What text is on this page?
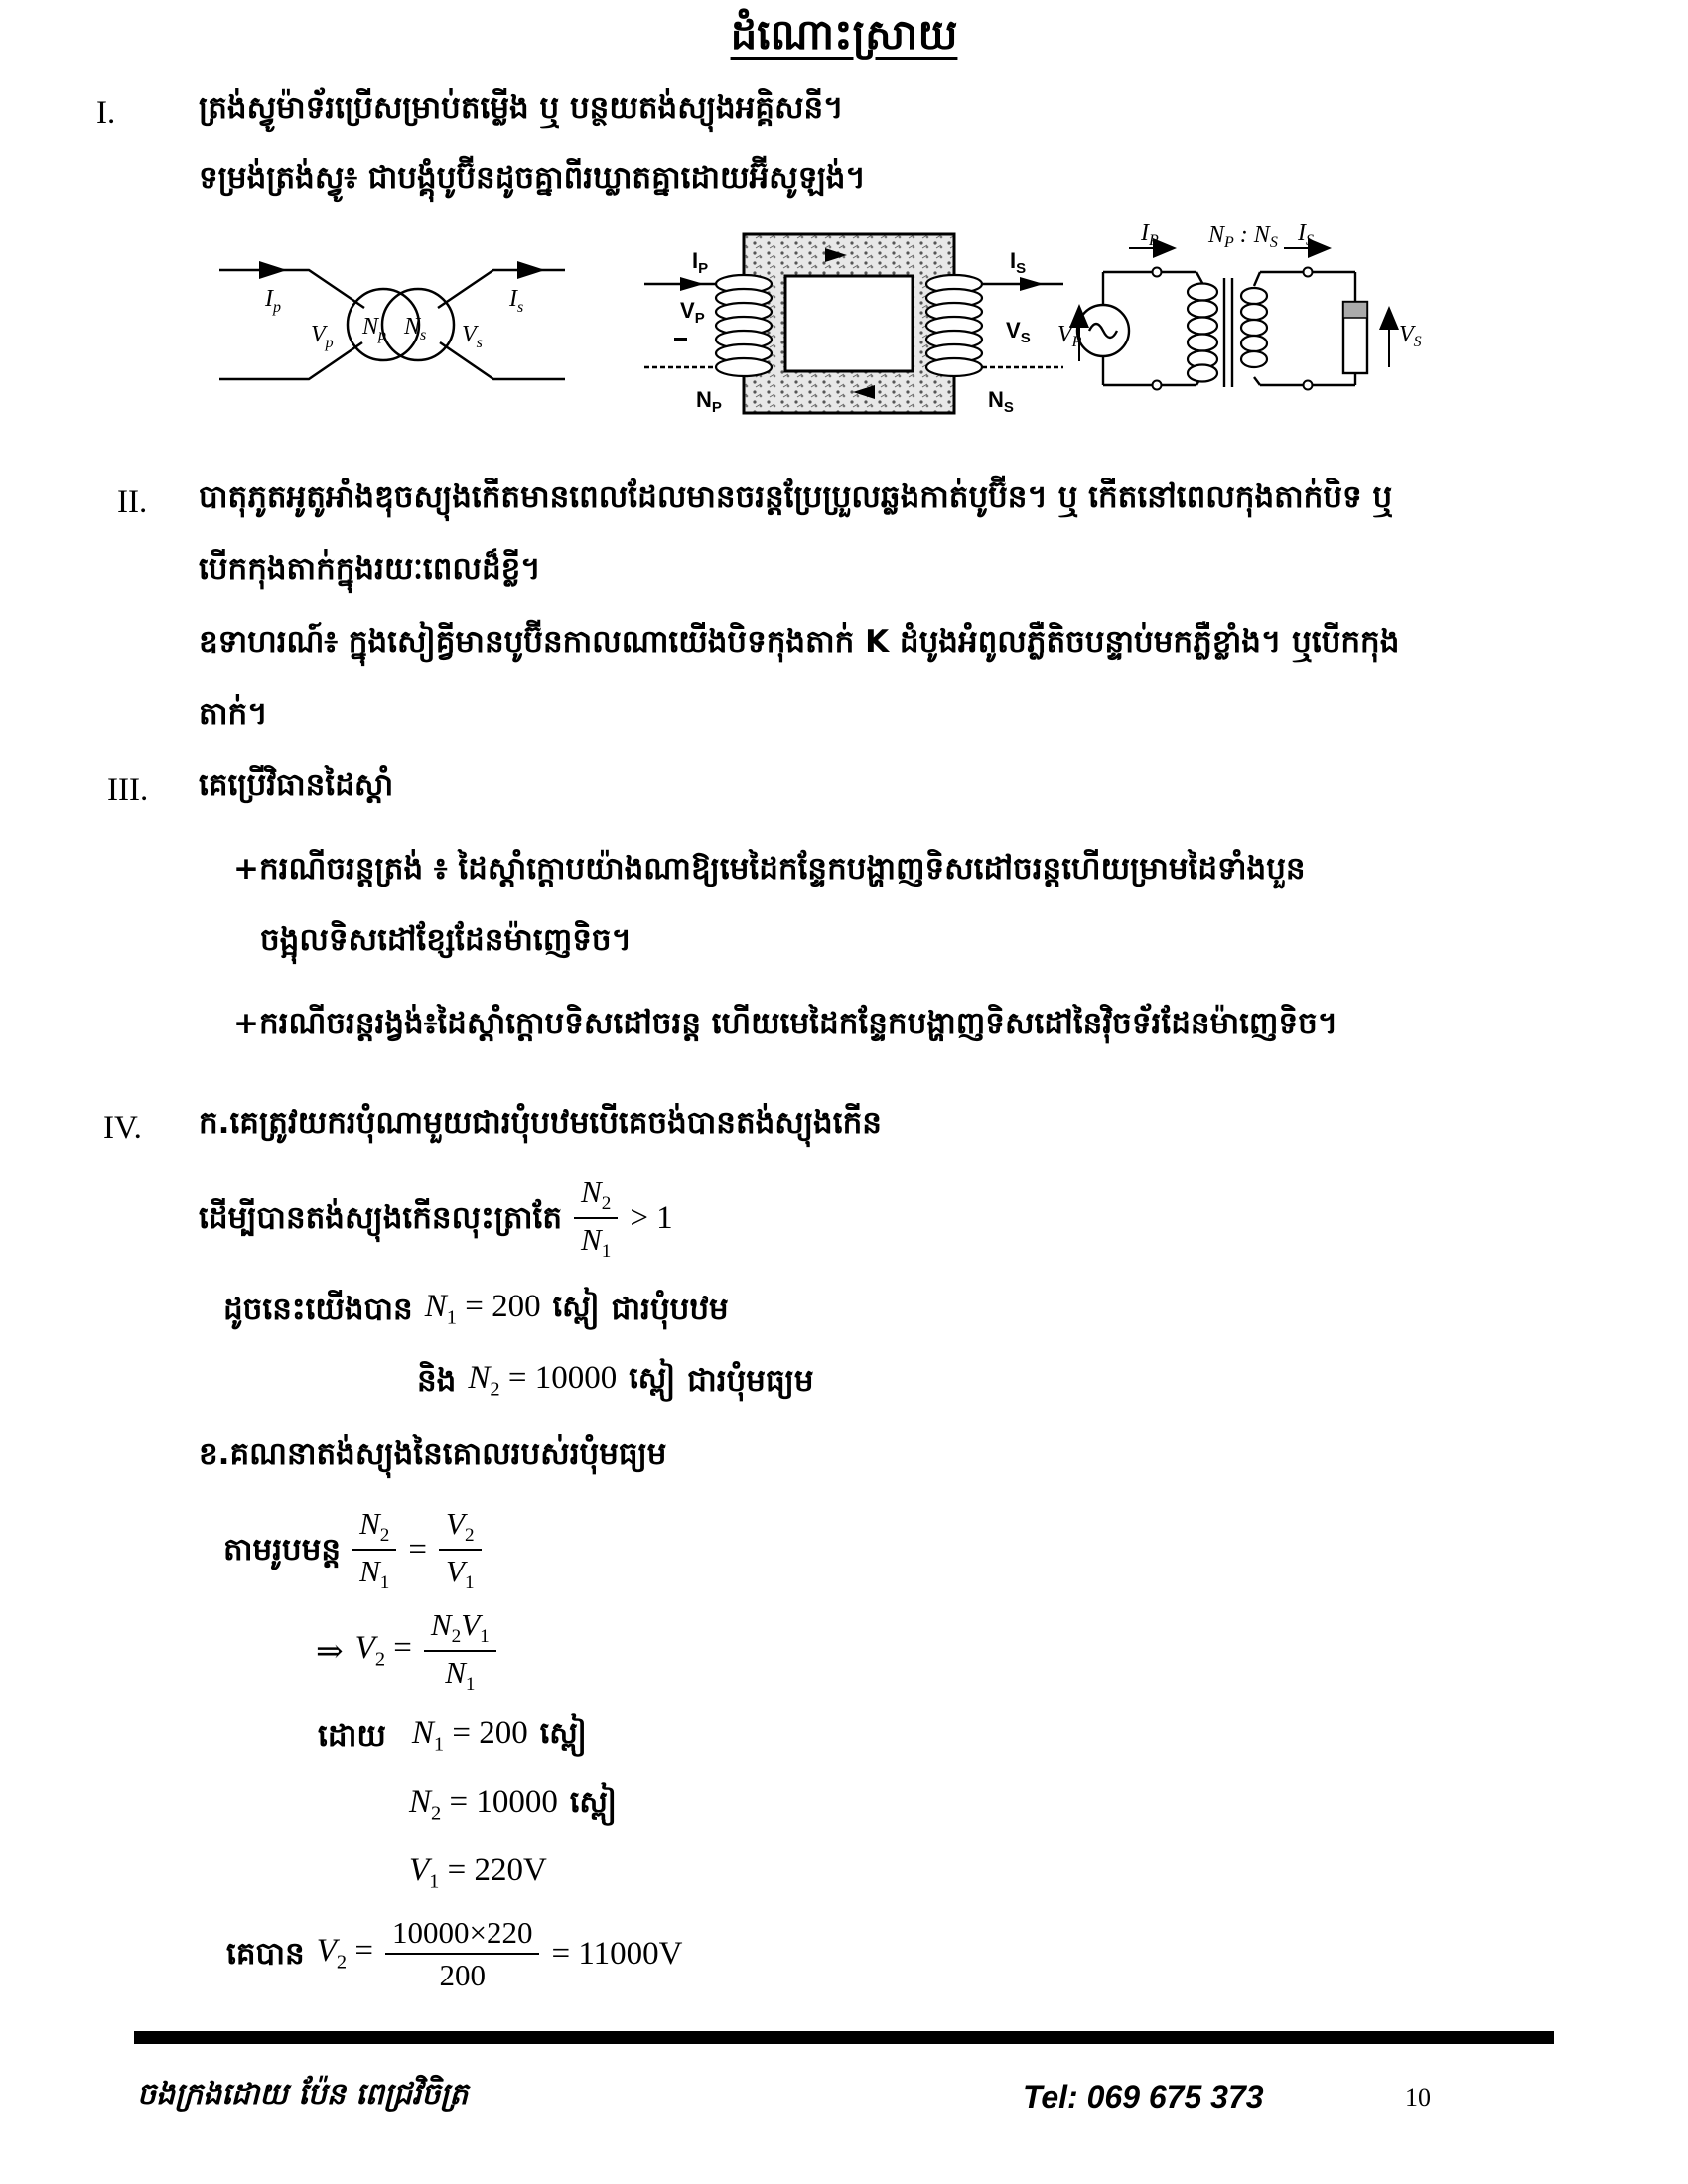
ដំណោះស្រាយ
I.	ត្រង់ស្វូម៉ាទ័រប្រើសម្រាប់តម្លើង ឬ បន្ថយតង់ស្យុងអគ្គិសនី។
ទម្រង់ត្រង់ស្វូ៖ ជាបង្គុំបូប៊ីនដូចគ្នាពីរឃ្លាតគ្នាដោយអ៊ីសូឡង់។
$I_p$
$V_p$
$N_p$ $N_s$ $V_s$
$I_s$
$I_P$
$V_P$
$N_P$
$I_S$
$V_S$
$N_S$
$I_P$ $N_P$ : $N_S$ $I_S$
$V_P$	$V_S$
II. បាតុភូតអូតូអាំងឌុចស្យុងកើតមានពេលដែលមានចរន្តប្រែប្រួលឆ្លងកាត់បូប៊ីន។ ឬ កើតនៅពេលកុងតាក់បិទ ឬ
បើកកុងតាក់ក្នុងរយៈពេលដ៏ខ្លី។
ឧទាហរណ៍៖ ក្នុងសៀគ្វីមានបូប៊ីនកាលណាយើងបិទកុងតាក់ K ដំបូងអំពូលភ្លឺតិចបន្ទាប់មកភ្លឺខ្លាំង។ ឬបើកកុង
តាក់។
III. គេប្រើវិធានដៃស្តាំ
+ករណីចរន្តត្រង់ ៖ ដៃស្តាំក្តោបយ៉ាងណាឱ្យមេដៃកន្ទែកបង្ហាញទិសដៅចរន្តហើយម្រាមដៃទាំងបួន
ចង្អុលទិសដៅខ្សែដែនម៉ាញេទិច។
+ករណីចរន្តរង្វង់៖ដៃស្តាំក្តោបទិសដៅចរន្ត ហើយមេដៃកន្ទែកបង្ហាញទិសដៅនៃវ៉ិចទ័រដែនម៉ាញេទិច។
IV. ក.គេត្រូវយករបុំណាមួយជារបុំបឋមបើគេចង់បានតង់ស្យុងកើន
ដើម្បីបានតង់ស្យុងកើនលុះត្រាតែ $\frac{N_2}{N_1} > 1$
ដូចនេះយើងបាន $N_1 = 200$ ស្ពៀ ជារបុំបឋម
និង $N_2 = 10000$ ស្ពៀ ជារបុំមធ្យម
ខ.គណនាតង់ស្យុងនៃគោលរបស់របុំមធ្យម
តាមរូបមន្ត $\frac{N_2}{N_1} = \frac{V_2}{V_1}$
⇒ $V_2 = \frac{N_2V_1}{N_1}$
ដោយ $N_1 = 200$ ស្ពៀ
$N_2 = 10000$ ស្ពៀ
$V_1 = 220V$
គេបាន $V_2 = \frac{10000\times 220}{200} = 11000V$
ចងក្រងដោយ ប៉ែន ពេជ្រវិចិត្រ	Tel: 069 675 373	10
